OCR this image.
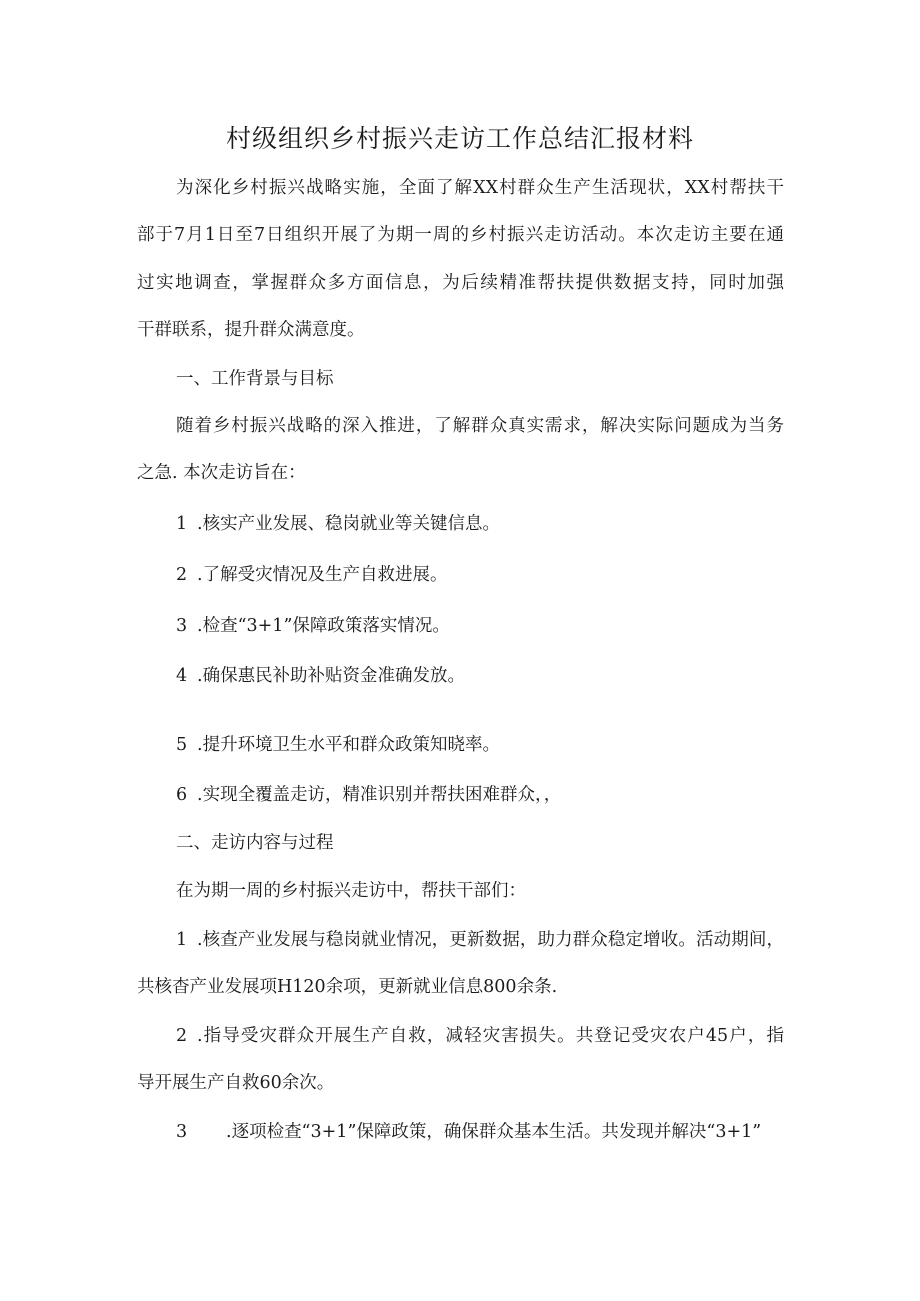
村级组织乡村振兴走访工作总结汇报材料
为深化乡村振兴战略实施，全面了解XX村群众生产生活现状，XX村帮扶干
部于7月1日至7日组织开展了为期一周的乡村振兴走访活动。本次走访主要在通
过实地调查，掌握群众多方面信息，为后续精准帮扶提供数据支持，同时加强
干群联系，提升群众满意度。
一、工作背景与目标
随着乡村振兴战略的深入推进，了解群众真实需求，解决实际问题成为当务
之急. 本次走访旨在：
1 .核实产业发展、稳岗就业等关键信息。
2 .了解受灾情况及生产自救进展。
3 .检查“3+1”保障政策落实情况。
4 .确保惠民补助补贴资金准确发放。
5 .提升环境卫生水平和群众政策知晓率。
6 .实现全覆盖走访，精准识别并帮扶困难群众，，
二、走访内容与过程
在为期一周的乡村振兴走访中，帮扶干部们：
1 .核查产业发展与稳岗就业情况，更新数据，助力群众稳定增收。活动期间，
共核杳产业发展项H120余项，更新就业信息800余条.
2 .指导受灾群众开展生产自救，减轻灾害损失。共登记受灾农户45户，指
导开展生产自救60余次。
3 .逐项检查“3+1”保障政策，确保群众基本生活。共发现并解决“3+1”
